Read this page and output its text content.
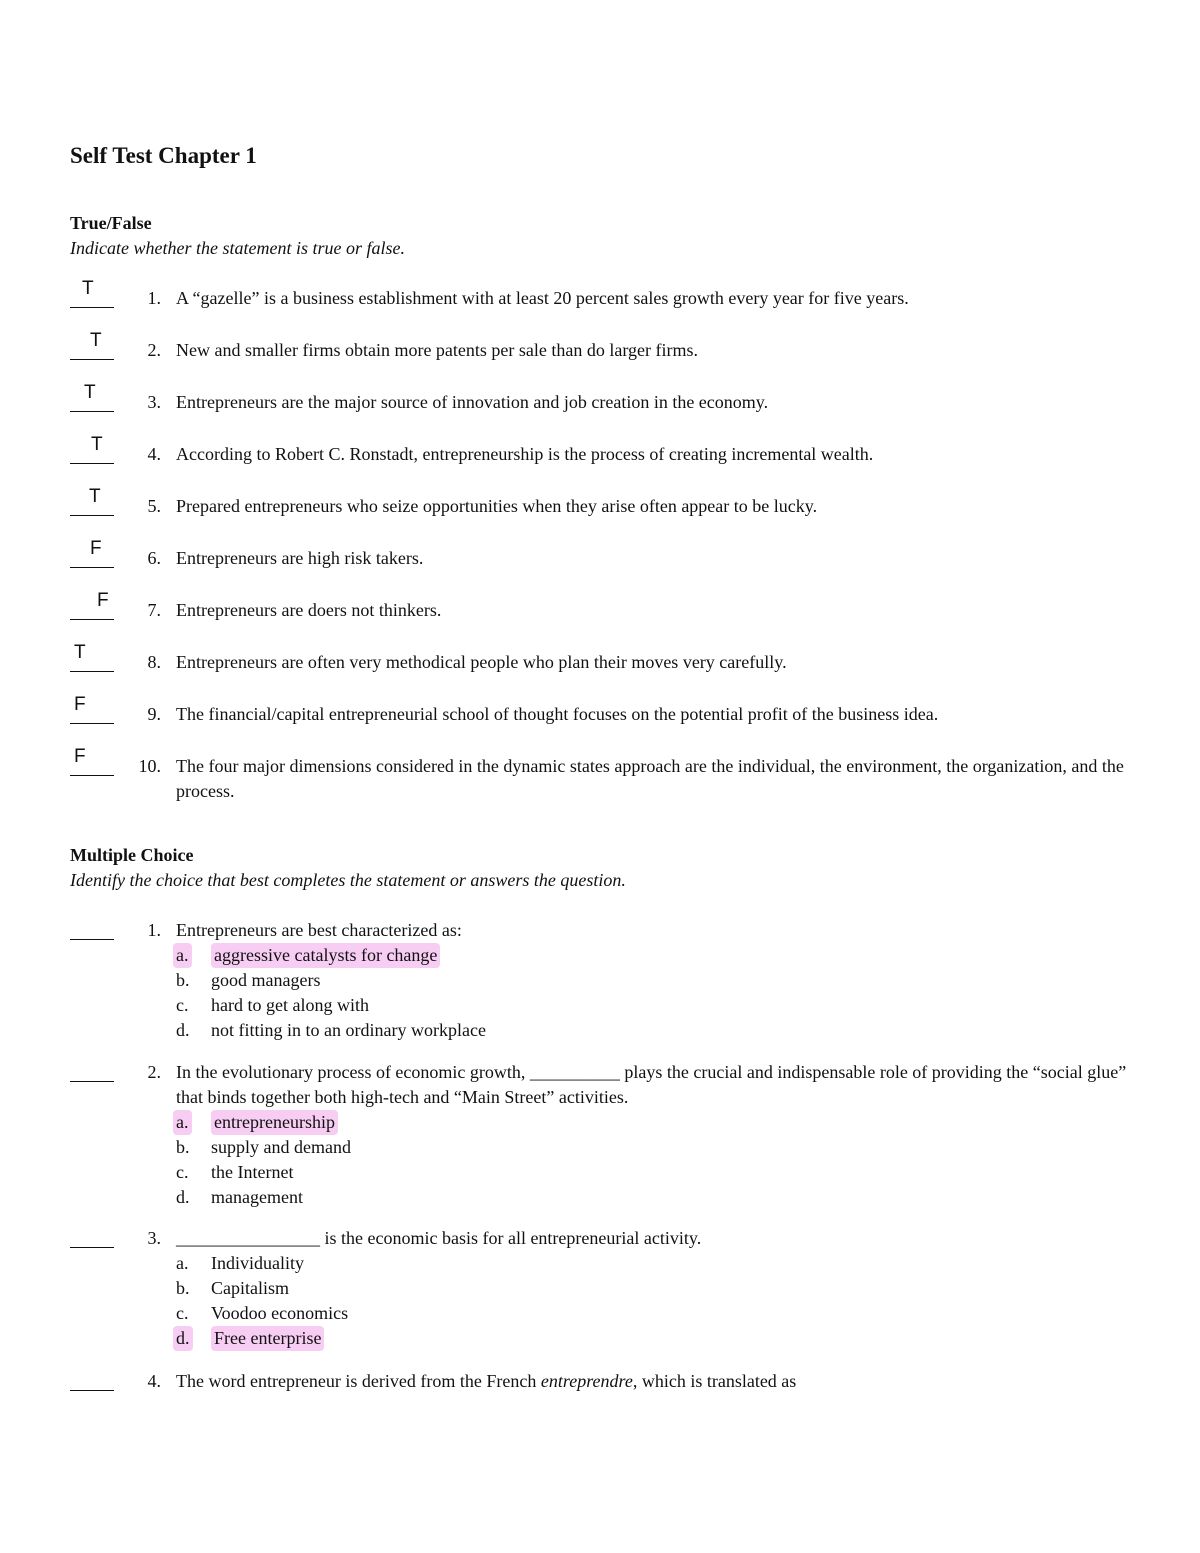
Self Test Chapter 1
True/False
Indicate whether the statement is true or false.
T	1. A “gazelle” is a business establishment with at least 20 percent sales growth every year for five years.
T	2. New and smaller firms obtain more patents per sale than do larger firms.
T	3. Entrepreneurs are the major source of innovation and job creation in the economy.
T	4. According to Robert C. Ronstadt, entrepreneurship is the process of creating incremental wealth.
T	5. Prepared entrepreneurs who seize opportunities when they arise often appear to be lucky.
F	6. Entrepreneurs are high risk takers.
F	7. Entrepreneurs are doers not thinkers.
T	8. Entrepreneurs are often very methodical people who plan their moves very carefully.
F	9. The financial/capital entrepreneurial school of thought focuses on the potential profit of the business idea.
F	10. The four major dimensions considered in the dynamic states approach are the individual, the environment, the organization, and the process.
Multiple Choice
Identify the choice that best completes the statement or answers the question.
1. Entrepreneurs are best characterized as:
a. aggressive catalysts for change
b. good managers
c. hard to get along with
d. not fitting in to an ordinary workplace
2. In the evolutionary process of economic growth, __________ plays the crucial and indispensable role of providing the “social glue” that binds together both high-tech and “Main Street” activities.
a. entrepreneurship
b. supply and demand
c. the Internet
d. management
3. ________________ is the economic basis for all entrepreneurial activity.
a. Individuality
b. Capitalism
c. Voodoo economics
d. Free enterprise
4. The word entrepreneur is derived from the French entreprendre, which is translated as
